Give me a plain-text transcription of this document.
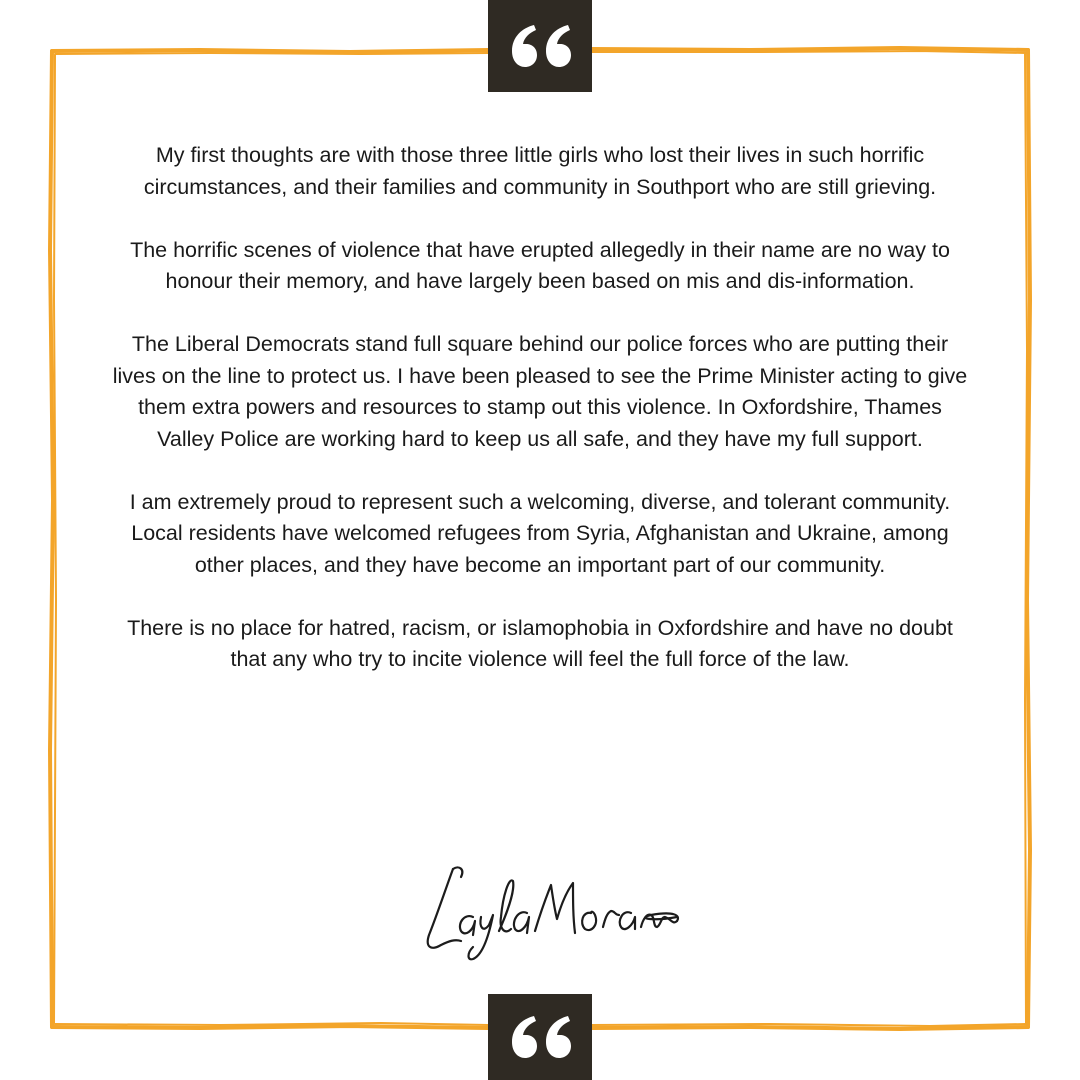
My first thoughts are with those three little girls who lost their lives in such horrific circumstances, and their families and community in Southport who are still grieving.

The horrific scenes of violence that have erupted allegedly in their name are no way to honour their memory, and have largely been based on mis and dis-information.

The Liberal Democrats stand full square behind our police forces who are putting their lives on the line to protect us. I have been pleased to see the Prime Minister acting to give them extra powers and resources to stamp out this violence. In Oxfordshire, Thames Valley Police are working hard to keep us all safe, and they have my full support.

I am extremely proud to represent such a welcoming, diverse, and tolerant community. Local residents have welcomed refugees from Syria, Afghanistan and Ukraine, among other places, and they have become an important part of our community.

There is no place for hatred, racism, or islamophobia in Oxfordshire and have no doubt that any who try to incite violence will feel the full force of the law.
